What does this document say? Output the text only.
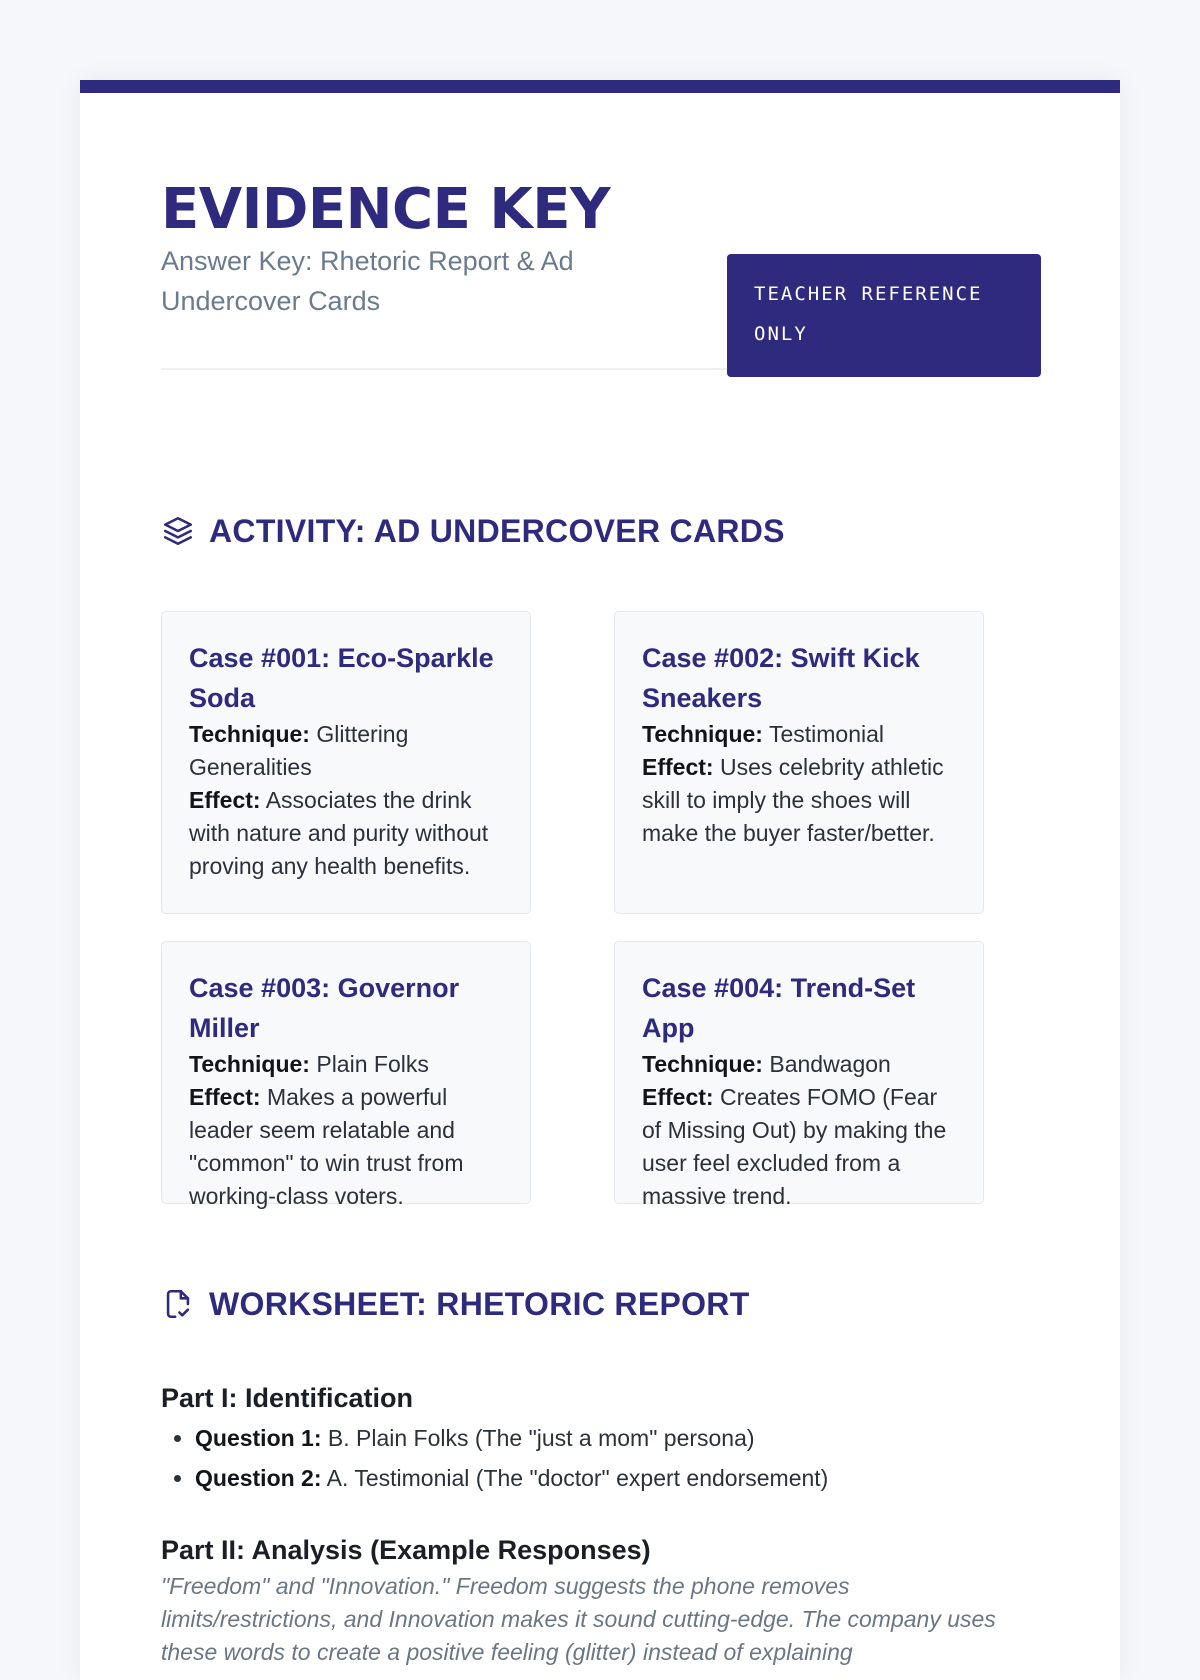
EVIDENCE KEY

Answer Key: Rhetoric Report & Ad Undercover Cards	TEACHER REFERENCE ONLY
ACTIVITY: AD UNDERCOVER CARDS
Case #001: Eco-Sparkle Soda

Technique: Glittering Generalities

Effect: Associates the drink with nature and purity without proving any health benefits.

Case #002: Swift Kick Sneakers

Technique: Testimonial

Effect: Uses celebrity athletic skill to imply the shoes will make the buyer faster/better.

Case #003: Governor Miller

Technique: Plain Folks

Effect: Makes a powerful leader seem relatable and "common" to win trust from working-class voters.

Case #004: Trend-Set App

Technique: Bandwagon

Effect: Creates FOMO (Fear of Missing Out) by making the user feel excluded from a massive trend.

WORKSHEET: RHETORIC REPORT
Part I: Identification
• Question 1: B. Plain Folks (The "just a mom" persona)
• Question 2: A. Testimonial (The "doctor" expert endorsement)
Part II: Analysis (Example Responses)

"Freedom" and "Innovation." Freedom suggests the phone removes limits/restrictions, and Innovation makes it sound cutting-edge. The company uses these words to create a positive feeling (glitter) instead of explaining
